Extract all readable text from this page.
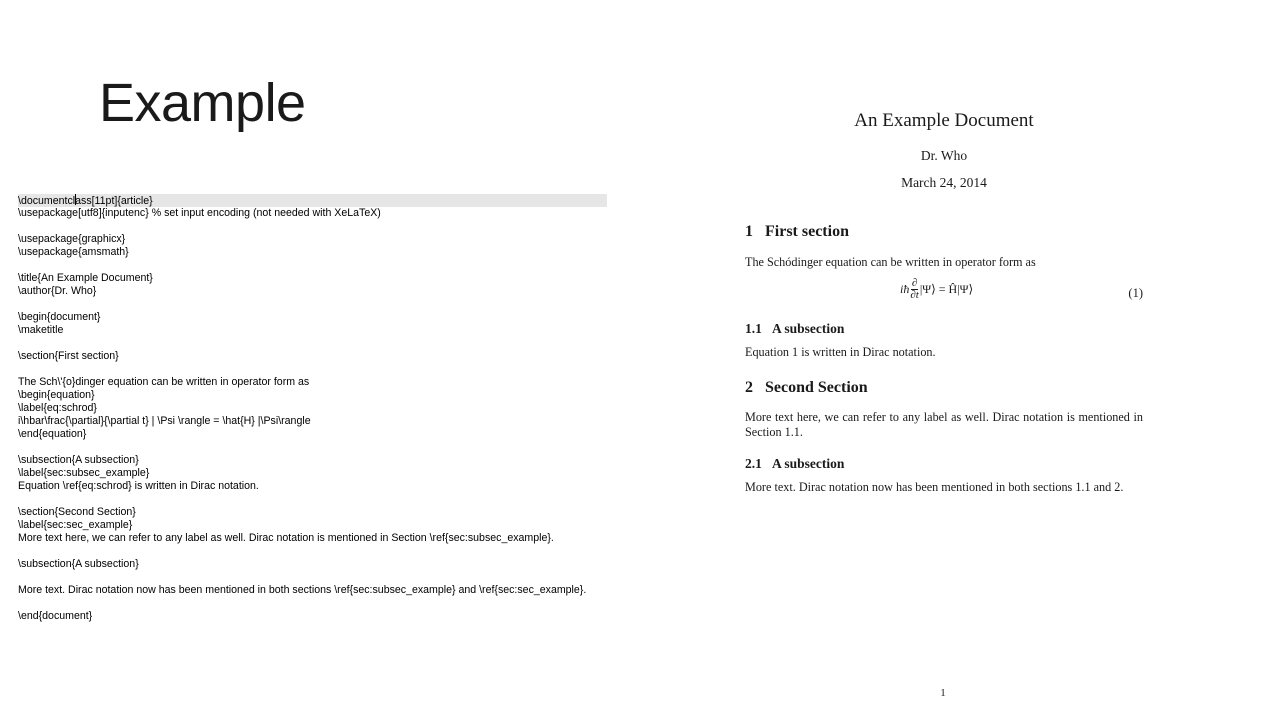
Example
\documentclass[11pt]{article}
\usepackage[utf8]{inputenc} % set input encoding (not needed with XeLaTeX)
\usepackage{graphicx}
\usepackage{amsmath}
\title{An Example Document}
\author{Dr. Who}
\begin{document}
\maketitle
\section{First section}
The Sch\'{o}dinger equation can be written in operator form as
\begin{equation}
\label{eq:schrod}
i\hbar\frac{\partial}{\partial t} | \Psi \rangle = \hat{H} |\Psi\rangle
\end{equation}
\subsection{A subsection}
\label{sec:subsec_example}
Equation \ref{eq:schrod} is written in Dirac notation.
\section{Second Section}
\label{sec:sec_example}
More text here, we can refer to any label as well. Dirac notation is mentioned in Section \ref{sec:subsec_example}.
\subsection{A subsection}
More text. Dirac notation now has been mentioned in both sections \ref{sec:subsec_example} and \ref{sec:sec_example}.
\end{document}
An Example Document
Dr. Who
March 24, 2014
1 First section
The Schódinger equation can be written in operator form as
iħ $\frac{\partial}{\partial t}$ |Ψ⟩ = Ĥ|Ψ⟩	(1)
1.1 A subsection
Equation 1 is written in Dirac notation.
2 Second Section
More text here, we can refer to any label as well. Dirac notation is mentioned in Section 1.1.
2.1 A subsection
More text. Dirac notation now has been mentioned in both sections 1.1 and 2.
1
